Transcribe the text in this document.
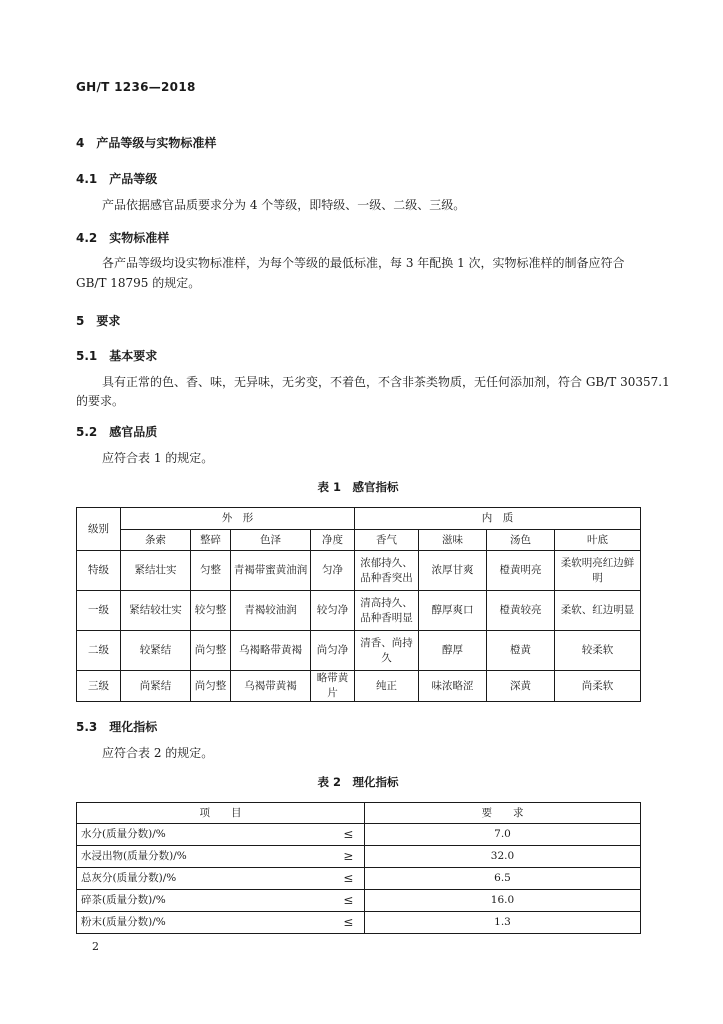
GH/T 1236—2018
4　产品等级与实物标准样
4.1　产品等级
产品依据感官品质要求分为 4 个等级，即特级、一级、二级、三级。
4.2　实物标准样
各产品等级均设实物标准样，为每个等级的最低标准，每 3 年配换 1 次，实物标准样的制备应符合
GB/T 18795 的规定。
5　要求
5.1　基本要求
具有正常的色、香、味，无异味，无劣变，不着色，不含非茶类物质，无任何添加剂，符合 GB/T 30357.1
的要求。
5.2　感官品质
应符合表 1 的规定。
表 1　感官指标
级别	外　形				内　质			
	条索	整碎	色泽	净度	香气	滋味	汤色	叶底
特级	紧结壮实	匀整	青褐带蜜黄油润	匀净	浓郁持久、品种香突出	浓厚甘爽	橙黄明亮	柔软明亮红边鲜明
一级	紧结较壮实	较匀整	青褐较油润	较匀净	清高持久、品种香明显	醇厚爽口	橙黄较亮	柔软、红边明显
二级	较紧结	尚匀整	乌褐略带黄褐	尚匀净	清香、尚持久	醇厚	橙黄	较柔软
三级	尚紧结	尚匀整	乌褐带黄褐	略带黄片	纯正	味浓略涩	深黄	尚柔软
5.3　理化指标
应符合表 2 的规定。
表 2　理化指标
项　　目		要　　求
水分(质量分数)/%	≤	7.0
水浸出物(质量分数)/%	≥	32.0
总灰分(质量分数)/%	≤	6.5
碎茶(质量分数)/%	≤	16.0
粉末(质量分数)/%	≤	1.3
2
